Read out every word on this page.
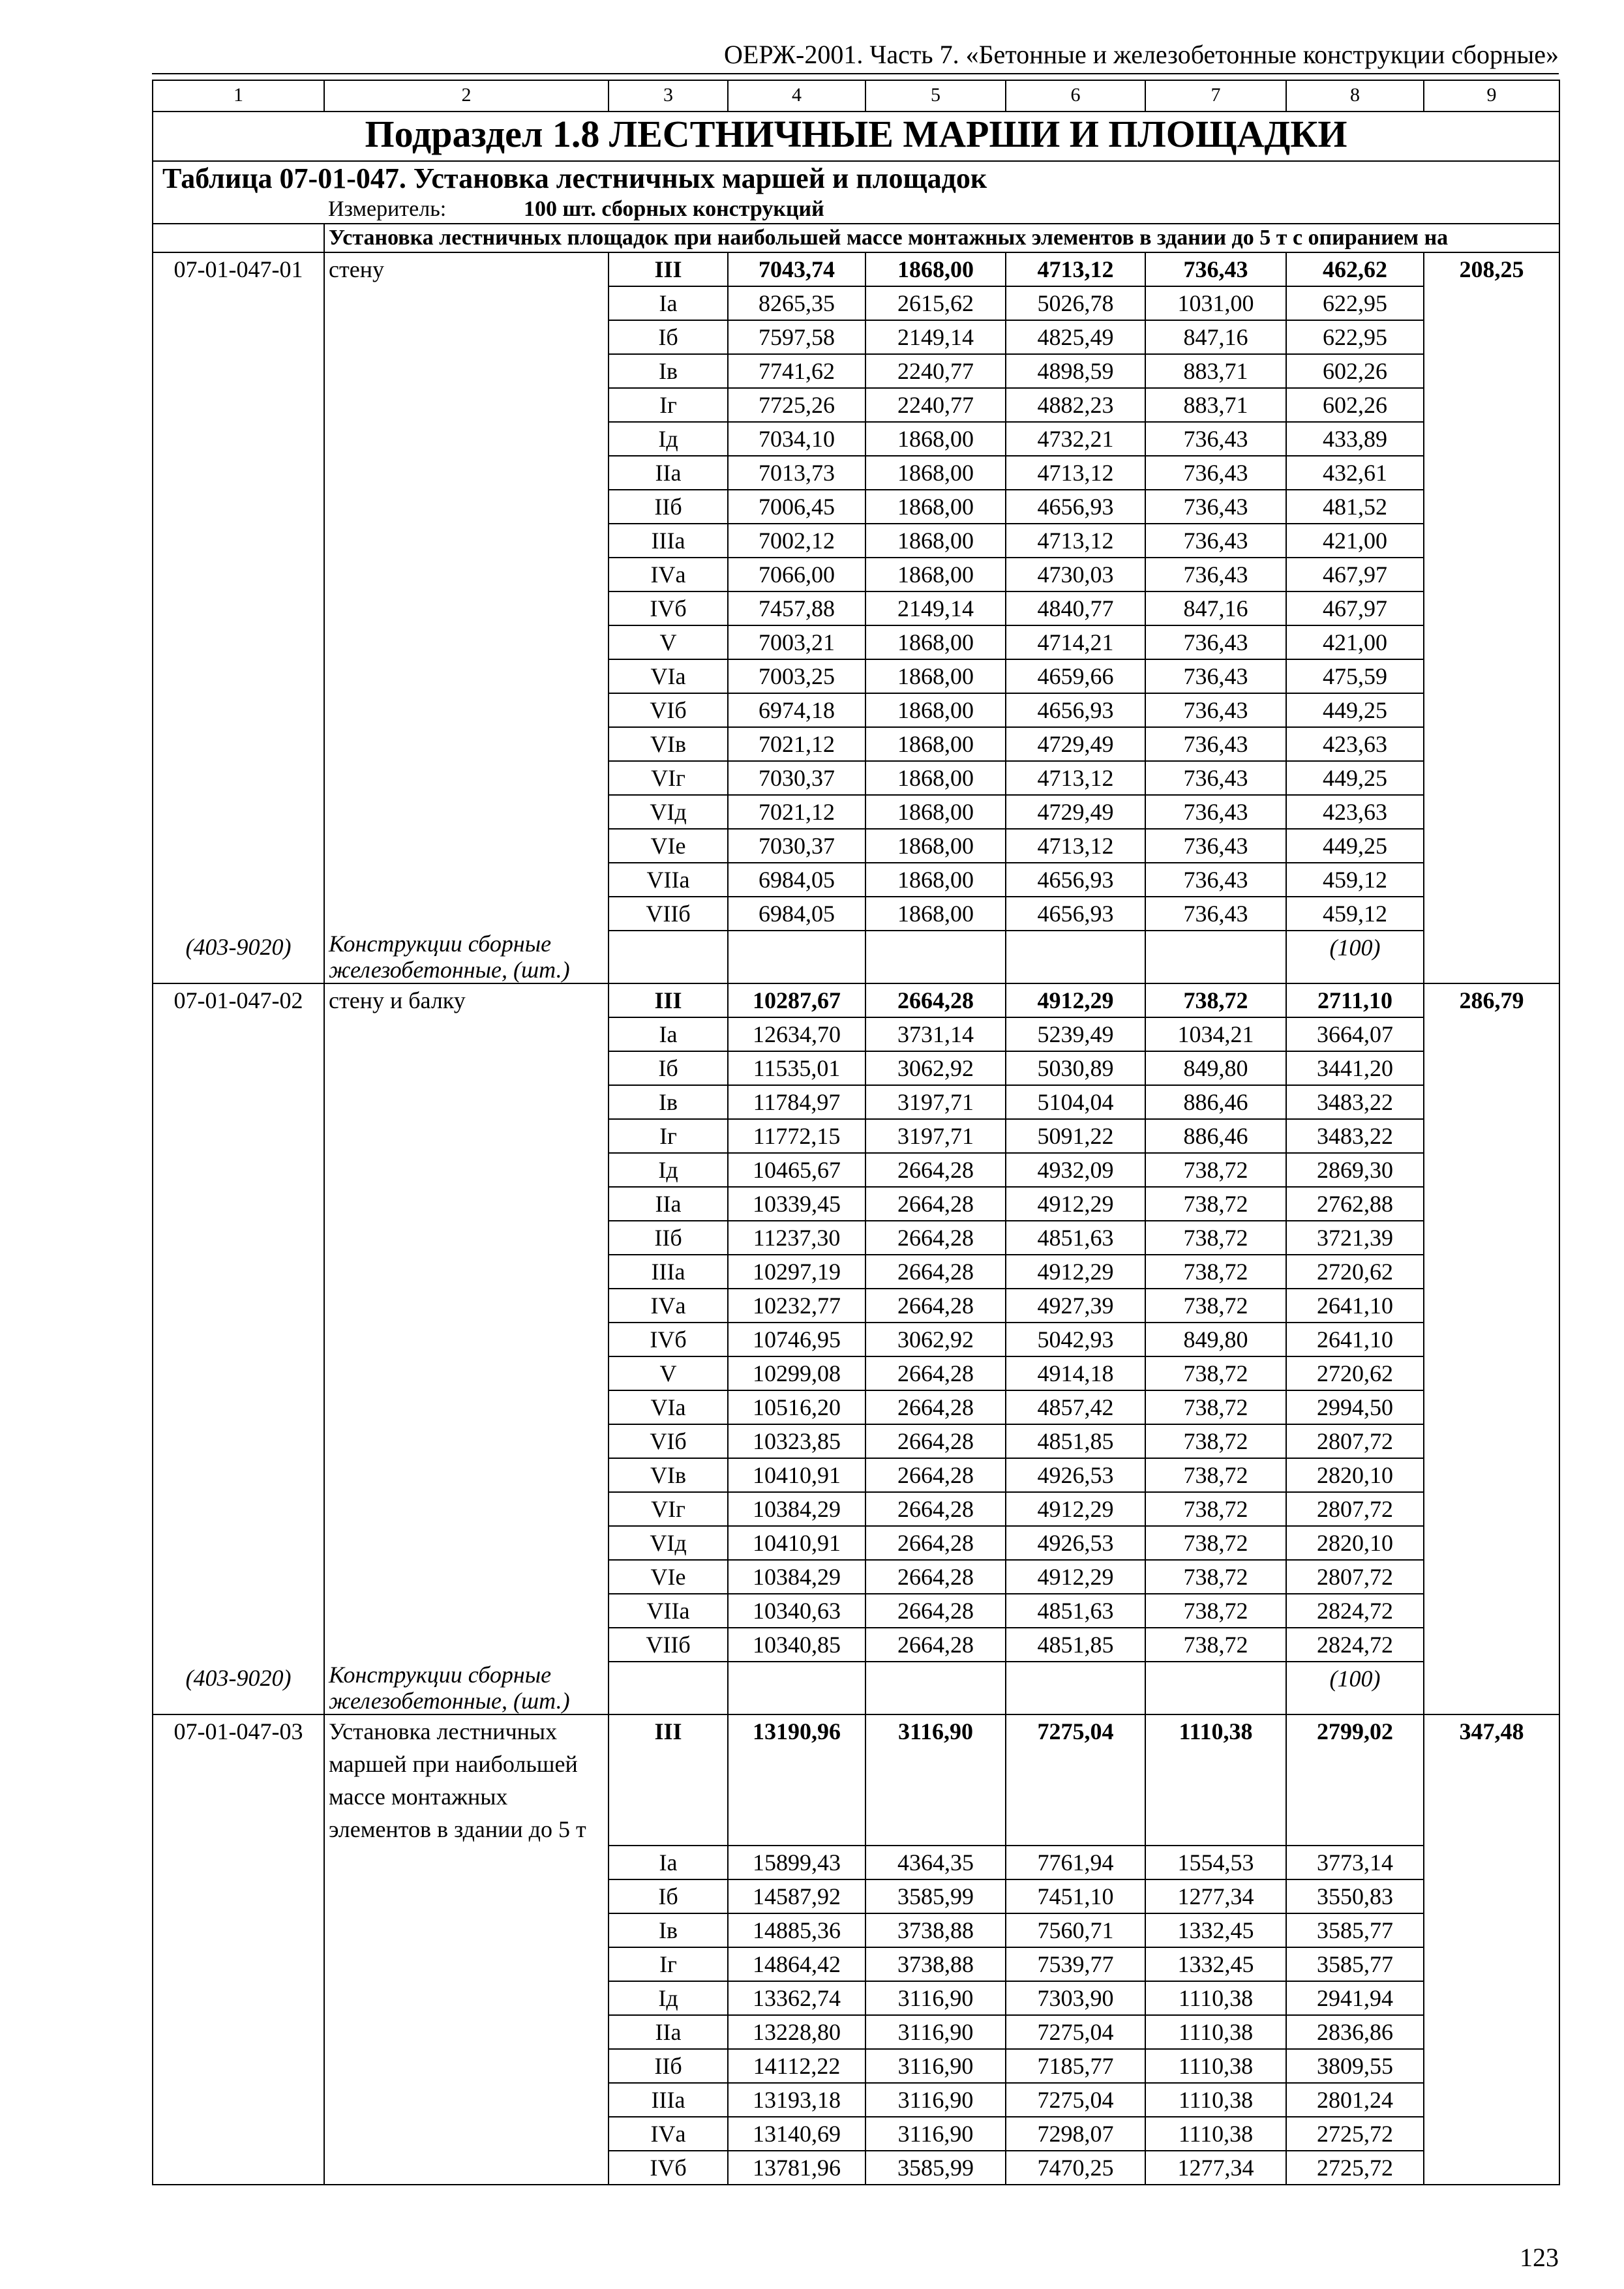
ОЕРЖ-2001. Часть 7. «Бетонные и железобетонные конструкции сборные»
1	2	3	4	5	6	7	8	9
Подраздел 1.8 ЛЕСТНИЧНЫЕ МАРШИ И ПЛОЩАДКИ								
Таблица 07-01-047. Установка лестничных маршей и площадок								
	Измеритель: 100 шт. сборных конструкций							
	Установка лестничных площадок при наибольшей массе монтажных элементов в здании до 5 т с опиранием на							
07-01-047-01	стену	III	7043,74	1868,00	4713,12	736,43	462,62	208,25
		Iа	8265,35	2615,62	5026,78	1031,00	622,95	
		Iб	7597,58	2149,14	4825,49	847,16	622,95	
		Iв	7741,62	2240,77	4898,59	883,71	602,26	
		Iг	7725,26	2240,77	4882,23	883,71	602,26	
		Iд	7034,10	1868,00	4732,21	736,43	433,89	
		IIа	7013,73	1868,00	4713,12	736,43	432,61	
		IIб	7006,45	1868,00	4656,93	736,43	481,52	
		IIIа	7002,12	1868,00	4713,12	736,43	421,00	
		IVа	7066,00	1868,00	4730,03	736,43	467,97	
		IVб	7457,88	2149,14	4840,77	847,16	467,97	
		V	7003,21	1868,00	4714,21	736,43	421,00	
		VIа	7003,25	1868,00	4659,66	736,43	475,59	
		VIб	6974,18	1868,00	4656,93	736,43	449,25	
		VIв	7021,12	1868,00	4729,49	736,43	423,63	
		VIг	7030,37	1868,00	4713,12	736,43	449,25	
		VIд	7021,12	1868,00	4729,49	736,43	423,63	
		VIе	7030,37	1868,00	4713,12	736,43	449,25	
		VIIа	6984,05	1868,00	4656,93	736,43	459,12	
		VIIб	6984,05	1868,00	4656,93	736,43	459,12	
(403-9020)	Конструкции сборные железобетонные, (шт.)						(100)	
07-01-047-02	стену и балку	III	10287,67	2664,28	4912,29	738,72	2711,10	286,79
		Iа	12634,70	3731,14	5239,49	1034,21	3664,07	
		Iб	11535,01	3062,92	5030,89	849,80	3441,20	
		Iв	11784,97	3197,71	5104,04	886,46	3483,22	
		Iг	11772,15	3197,71	5091,22	886,46	3483,22	
		Iд	10465,67	2664,28	4932,09	738,72	2869,30	
		IIа	10339,45	2664,28	4912,29	738,72	2762,88	
		IIб	11237,30	2664,28	4851,63	738,72	3721,39	
		IIIа	10297,19	2664,28	4912,29	738,72	2720,62	
		IVа	10232,77	2664,28	4927,39	738,72	2641,10	
		IVб	10746,95	3062,92	5042,93	849,80	2641,10	
		V	10299,08	2664,28	4914,18	738,72	2720,62	
		VIа	10516,20	2664,28	4857,42	738,72	2994,50	
		VIб	10323,85	2664,28	4851,85	738,72	2807,72	
		VIв	10410,91	2664,28	4926,53	738,72	2820,10	
		VIг	10384,29	2664,28	4912,29	738,72	2807,72	
		VIд	10410,91	2664,28	4926,53	738,72	2820,10	
		VIе	10384,29	2664,28	4912,29	738,72	2807,72	
		VIIа	10340,63	2664,28	4851,63	738,72	2824,72	
		VIIб	10340,85	2664,28	4851,85	738,72	2824,72	
(403-9020)	Конструкции сборные железобетонные, (шт.)						(100)	
07-01-047-03	Установка лестничных маршей при наибольшей массе монтажных элементов в здании до 5 т	III	13190,96	3116,90	7275,04	1110,38	2799,02	347,48
		Iа	15899,43	4364,35	7761,94	1554,53	3773,14	
		Iб	14587,92	3585,99	7451,10	1277,34	3550,83	
		Iв	14885,36	3738,88	7560,71	1332,45	3585,77	
		Iг	14864,42	3738,88	7539,77	1332,45	3585,77	
		Iд	13362,74	3116,90	7303,90	1110,38	2941,94	
		IIа	13228,80	3116,90	7275,04	1110,38	2836,86	
		IIб	14112,22	3116,90	7185,77	1110,38	3809,55	
		IIIа	13193,18	3116,90	7275,04	1110,38	2801,24	
		IVа	13140,69	3116,90	7298,07	1110,38	2725,72	
		IVб	13781,96	3585,99	7470,25	1277,34	2725,72	
123
